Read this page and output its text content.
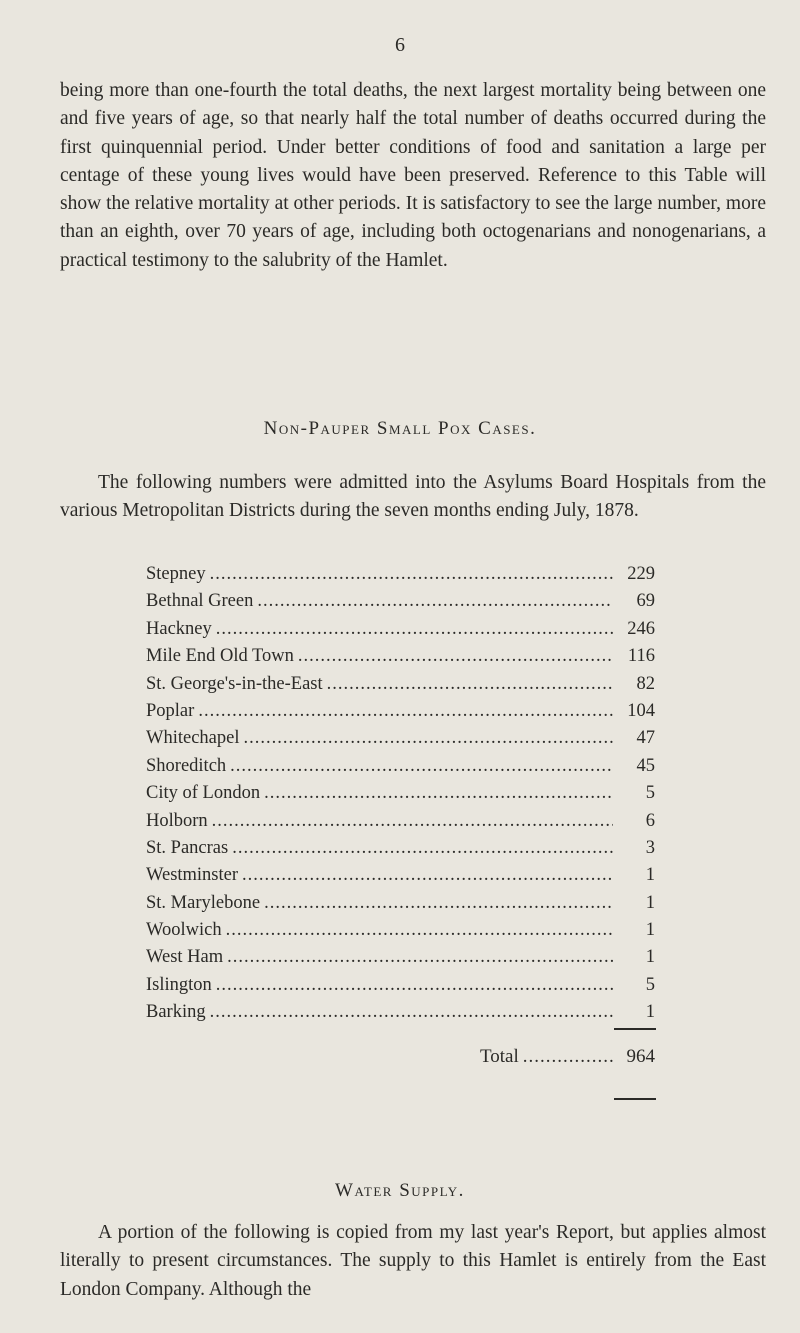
6

being more than one-fourth the total deaths, the next largest mortality being between one and five years of age, so that nearly half the total number of deaths occurred during the first quinquennial period. Under better conditions of food and sanitation a large per centage of these young lives would have been preserved. Reference to this Table will show the relative mortality at other periods. It is satisfactory to see the large number, more than an eighth, over 70 years of age, including both octogenarians and nonogenarians, a practical testimony to the salubrity of the Hamlet.

Non-Pauper Small Pox Cases.

The following numbers were admitted into the Asylums Board Hospitals from the various Metropolitan Districts during the seven months ending July, 1878.

Stepney .....	229
Bethnal Green .....	69
Hackney .....	246
Mile End Old Town .....	116
St. George's-in-the-East .....	82
Poplar .....	104
Whitechapel .....	47
Shoreditch .....	45
City of London .....	5
Holborn .....	6
St. Pancras .....	3
Westminster .....	1
St. Marylebone .....	1
Woolwich .....	1
West Ham .....	1
Islington .....	5
Barking .....	1
Total .....	964
Water Supply.

A portion of the following is copied from my last year's Report, but applies almost literally to present circumstances. The supply to this Hamlet is entirely from the East London Company. Although the
